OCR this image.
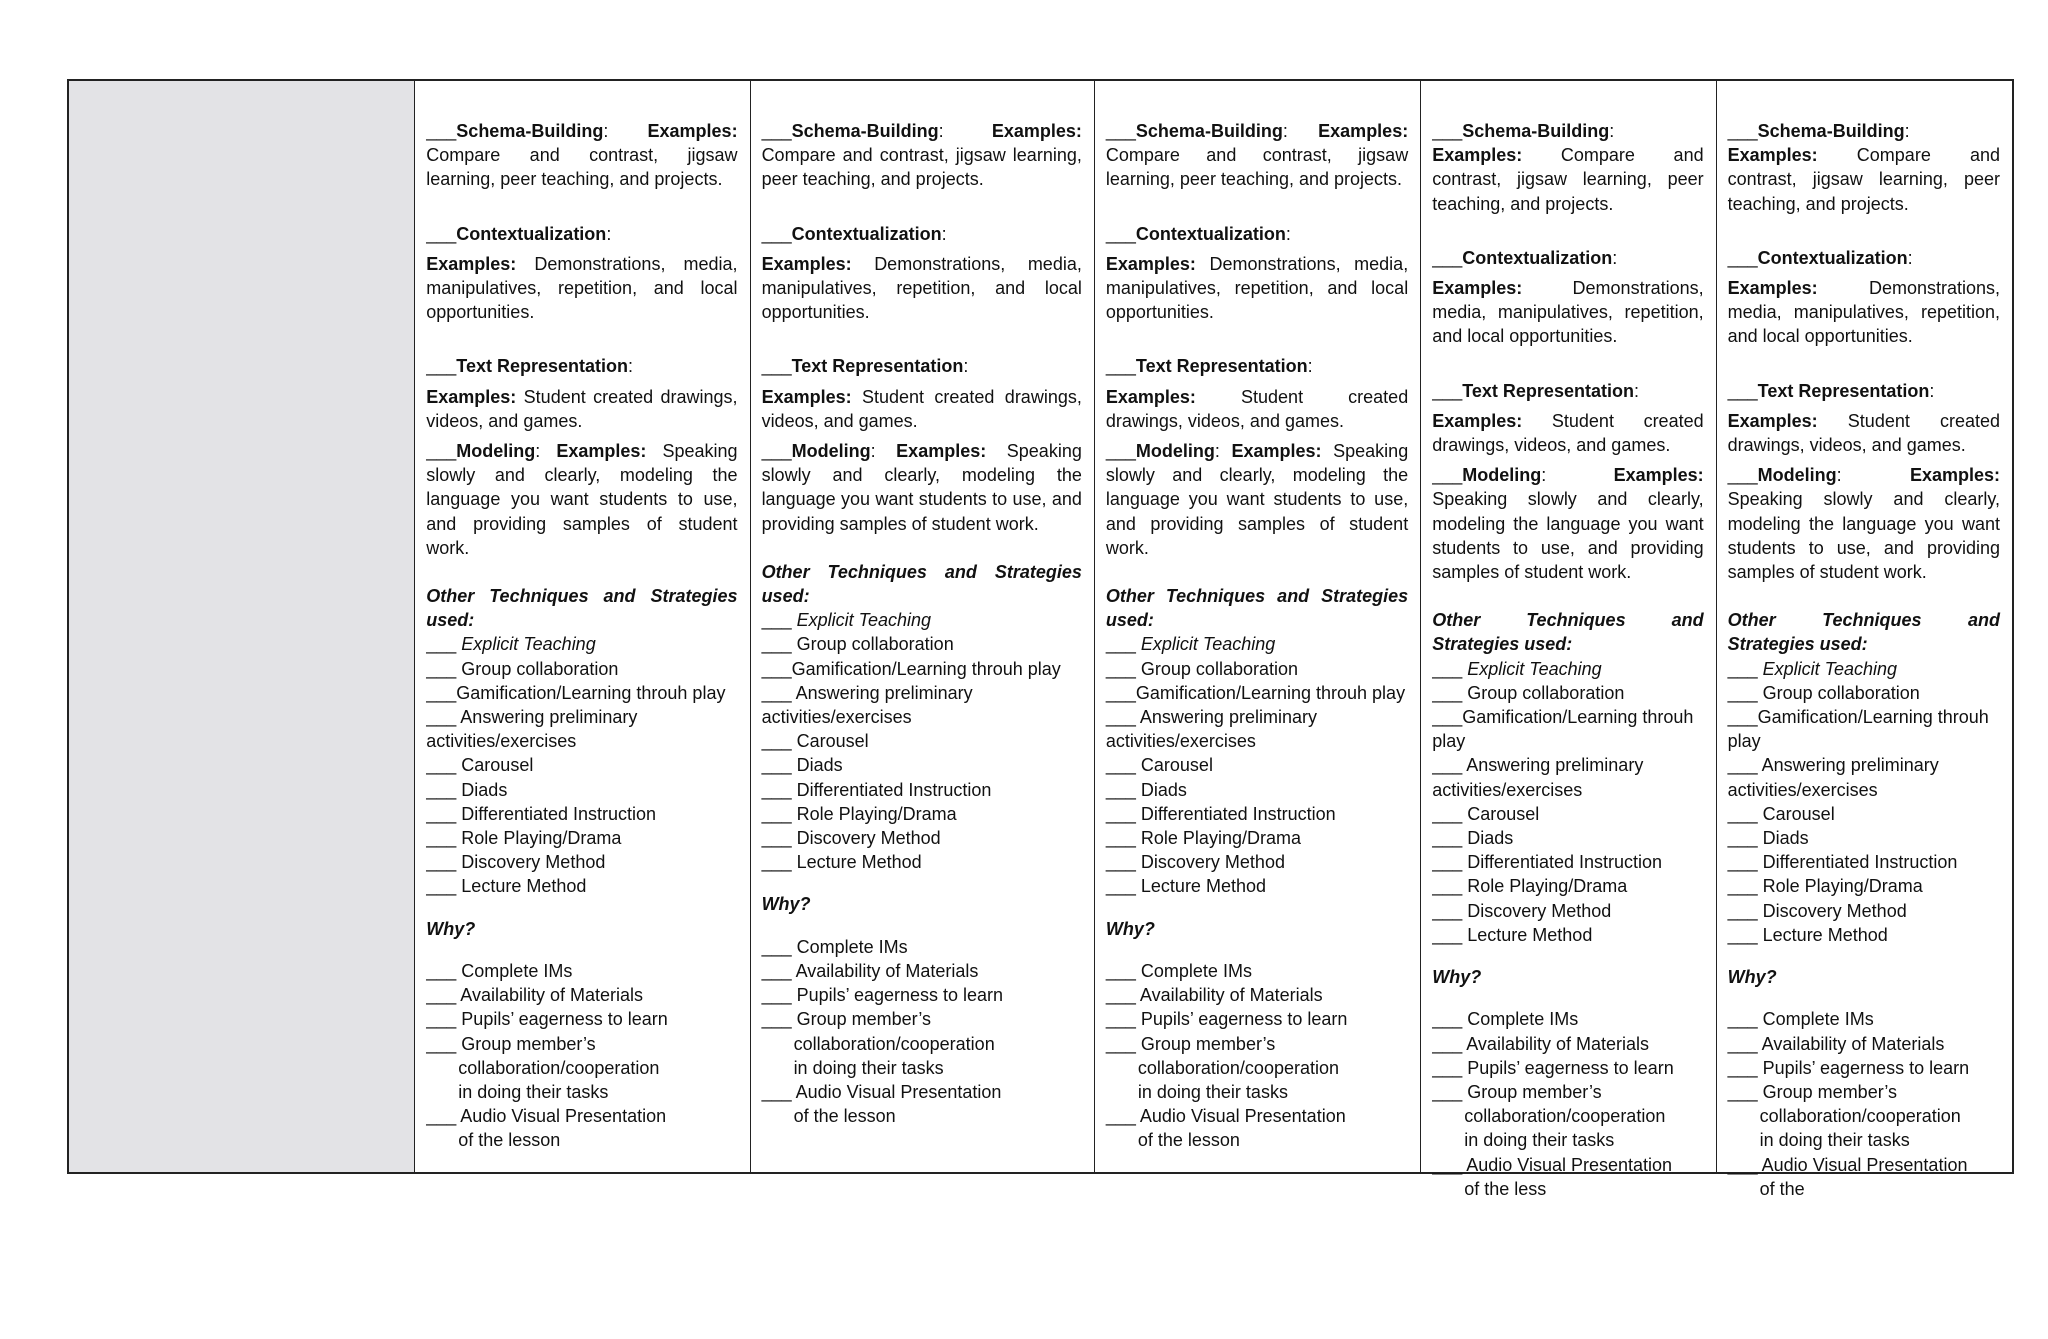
___Schema-Building: Examples: Compare and contrast, jigsaw learning, peer teaching, and projects.

___Contextualization:

Examples: Demonstrations, media, manipulatives, repetition, and local opportunities.

___Text Representation:

Examples: Student created drawings, videos, and games.

___Modeling: Examples: Speaking slowly and clearly, modeling the language you want students to use, and providing samples of student work.

Other Techniques and Strategies used:

___ Explicit Teaching

___ Group collaboration

___Gamification/Learning throuh play

___ Answering preliminary activities/exercises

___ Carousel

___ Diads

___ Differentiated Instruction

___ Role Playing/Drama

___ Discovery Method

___ Lecture Method

Why?

___ Complete IMs

___ Availability of Materials

___ Pupils’ eagerness to learn

___ Group member’s

collaboration/cooperation

in doing their tasks

___ Audio Visual Presentation

of the lesson

___Schema-Building: Examples: Compare and contrast, jigsaw learning, peer teaching, and projects.

___Contextualization:

Examples: Demonstrations, media, manipulatives, repetition, and local opportunities.

___Text Representation:

Examples: Student created drawings, videos, and games.

___Modeling: Examples: Speaking slowly and clearly, modeling the language you want students to use, and providing samples of student work.

Other Techniques and Strategies used:

___ Explicit Teaching

___ Group collaboration

___Gamification/Learning throuh play

___ Answering preliminary activities/exercises

___ Carousel

___ Diads

___ Differentiated Instruction

___ Role Playing/Drama

___ Discovery Method

___ Lecture Method

Why?

___ Complete IMs

___ Availability of Materials

___ Pupils’ eagerness to learn

___ Group member’s

collaboration/cooperation

in doing their tasks

___ Audio Visual Presentation

of the lesson

___Schema-Building: Examples: Compare and contrast, jigsaw learning, peer teaching, and projects.

___Contextualization:

Examples: Demonstrations, media, manipulatives, repetition, and local opportunities.

___Text Representation:

Examples:	Student created drawings, videos, and games.

___Modeling: Examples: Speaking slowly and clearly, modeling the language you want students to use, and providing samples of student work.

Other Techniques and Strategies used:

___ Explicit Teaching

___ Group collaboration

___Gamification/Learning throuh play

___ Answering preliminary activities/exercises

___ Carousel

___ Diads

___ Differentiated Instruction

___ Role Playing/Drama

___ Discovery Method

___ Lecture Method

Why?

___ Complete IMs

___ Availability of Materials

___ Pupils’ eagerness to learn

___ Group member’s

collaboration/cooperation

in doing their tasks

___ Audio Visual Presentation

of the lesson

___Schema-Building: Examples: Compare and contrast, jigsaw learning, peer teaching, and projects.

___Contextualization:

Examples:	Demonstrations, media, manipulatives, repetition, and local opportunities.

___Text Representation:

Examples: Student created drawings, videos, and games.

___Modeling: Examples: Speaking slowly and clearly, modeling the language you want students to use, and providing samples of student work.

Other Techniques and Strategies used:

___ Explicit Teaching

___ Group collaboration

___Gamification/Learning throuh play

___ Answering preliminary activities/exercises

___ Carousel

___ Diads

___ Differentiated Instruction

___ Role Playing/Drama

___ Discovery Method

___ Lecture Method

Why?

___ Complete IMs

___ Availability of Materials

___ Pupils’ eagerness to learn

___ Group member’s

collaboration/cooperation

in doing their tasks

___ Audio Visual Presentation

of the less

___Schema-Building: Examples: Compare and contrast, jigsaw learning, peer teaching, and projects.

___Contextualization:

Examples:	Demonstrations, media, manipulatives, repetition, and local opportunities.

___Text Representation:

Examples: Student created drawings, videos, and games.

___Modeling: Examples: Speaking slowly and clearly, modeling the language you want students to use, and providing samples of student work.

Other Techniques and Strategies used:

___ Explicit Teaching

___ Group collaboration

___Gamification/Learning throuh play

___ Answering preliminary activities/exercises

___ Carousel

___ Diads

___ Differentiated Instruction

___ Role Playing/Drama

___ Discovery Method

___ Lecture Method

Why?

___ Complete IMs

___ Availability of Materials

___ Pupils’ eagerness to learn

___ Group member’s

collaboration/cooperation

in doing their tasks

___ Audio Visual Presentation

of the
